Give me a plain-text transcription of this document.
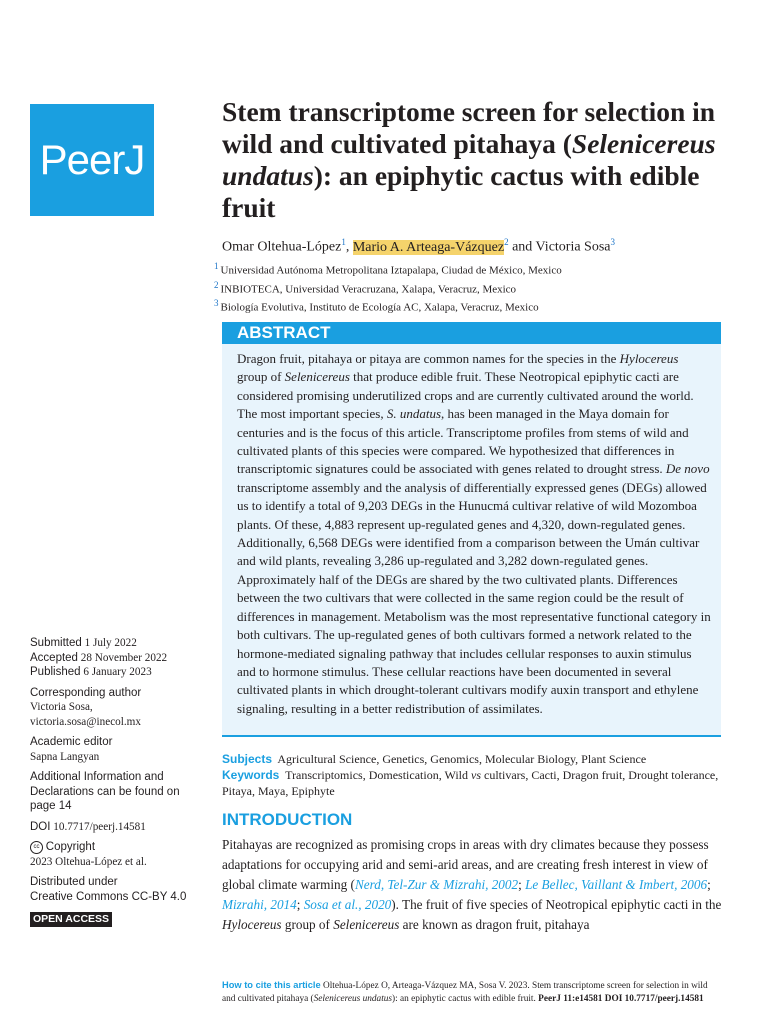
PeerJ
Stem transcriptome screen for selection in wild and cultivated pitahaya (Selenicereus undatus): an epiphytic cactus with edible fruit
Omar Oltehua-López$^1$, Mario A. Arteaga-Vázquez$^2$ and Victoria Sosa$^3$
$^1$ Universidad Autónoma Metropolitana Iztapalapa, Ciudad de México, Mexico
$^2$ INBIOTECA, Universidad Veracruzana, Xalapa, Veracruz, Mexico
$^3$ Biología Evolutiva, Instituto de Ecología AC, Xalapa, Veracruz, Mexico
ABSTRACT
Dragon fruit, pitahaya or pitaya are common names for the species in the Hylocereus group of Selenicereus that produce edible fruit. These Neotropical epiphytic cacti are considered promising underutilized crops and are currently cultivated around the world. The most important species, S. undatus, has been managed in the Maya domain for centuries and is the focus of this article. Transcriptome profiles from stems of wild and cultivated plants of this species were compared. We hypothesized that differences in transcriptomic signatures could be associated with genes related to drought stress. De novo transcriptome assembly and the analysis of differentially expressed genes (DEGs) allowed us to identify a total of 9,203 DEGs in the Hunucmá cultivar relative of wild Mozomboa plants. Of these, 4,883 represent up-regulated genes and 4,320, down-regulated genes. Additionally, 6,568 DEGs were identified from a comparison between the Umán cultivar and wild plants, revealing 3,286 up-regulated and 3,282 down-regulated genes. Approximately half of the DEGs are shared by the two cultivated plants. Differences between the two cultivars that were collected in the same region could be the result of differences in management. Metabolism was the most representative functional category in both cultivars. The up-regulated genes of both cultivars formed a network related to the hormone-mediated signaling pathway that includes cellular responses to auxin stimulus and to hormone stimulus. These cellular reactions have been documented in several cultivated plants in which drought-tolerant cultivars modify auxin transport and ethylene signaling, resulting in a better redistribution of assimilates.
Subjects Agricultural Science, Genetics, Genomics, Molecular Biology, Plant Science
Keywords Transcriptomics, Domestication, Wild vs cultivars, Cacti, Dragon fruit, Drought tolerance, Pitaya, Maya, Epiphyte
INTRODUCTION
Pitahayas are recognized as promising crops in areas with dry climates because they possess adaptations for occupying arid and semi-arid areas, and are creating fresh interest in view of global climate warming (Nerd, Tel-Zur & Mizrahi, 2002; Le Bellec, Vaillant & Imbert, 2006; Mizrahi, 2014; Sosa et al., 2020). The fruit of five species of Neotropical epiphytic cacti in the Hylocereus group of Selenicereus are known as dragon fruit, pitahaya
Submitted 1 July 2022
Accepted 28 November 2022
Published 6 January 2023
Corresponding author
Victoria Sosa,
victoria.sosa@inecol.mx
Academic editor
Sapna Langyan
Additional Information and Declarations can be found on page 14
DOI 10.7717/peerj.14581
cc Copyright
2023 Oltehua-López et al.
Distributed under
Creative Commons CC-BY 4.0
OPEN ACCESS
How to cite this article Oltehua-López O, Arteaga-Vázquez MA, Sosa V. 2023. Stem transcriptome screen for selection in wild and cultivated pitahaya (Selenicereus undatus): an epiphytic cactus with edible fruit. PeerJ 11:e14581 DOI 10.7717/peerj.14581
